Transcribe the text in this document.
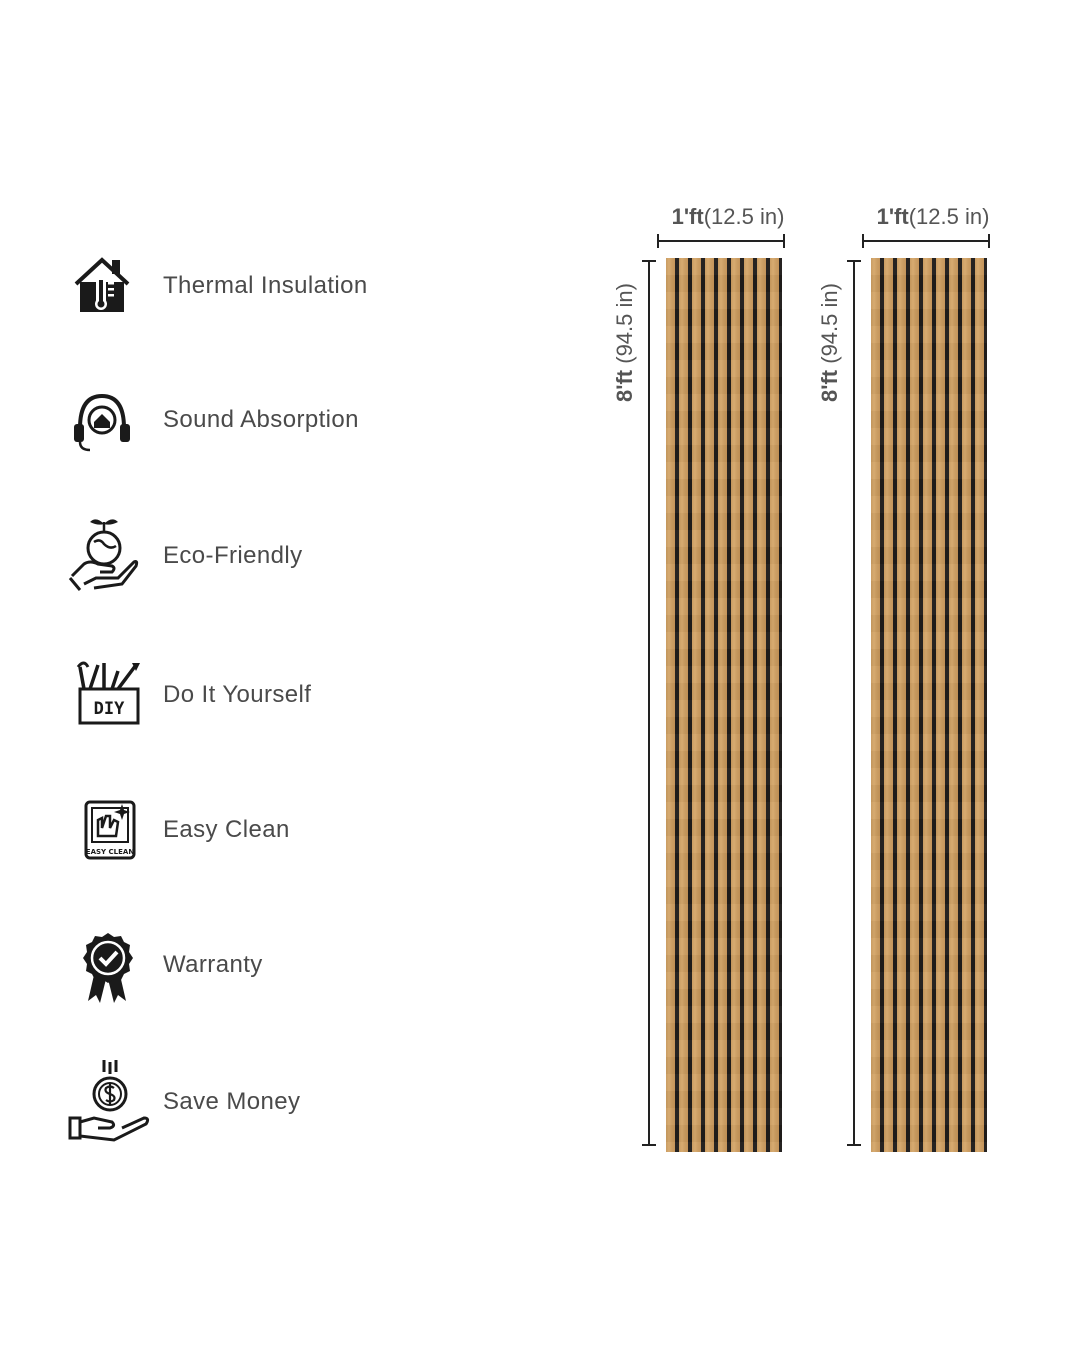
Thermal Insulation
Sound Absorption
Eco-Friendly
DIY
Do It Yourself
EASY CLEAN
Easy Clean
Warranty
Save Money
1'ft(12.5 in)
8'ft (94.5 in)
1'ft(12.5 in)
8'ft (94.5 in)
